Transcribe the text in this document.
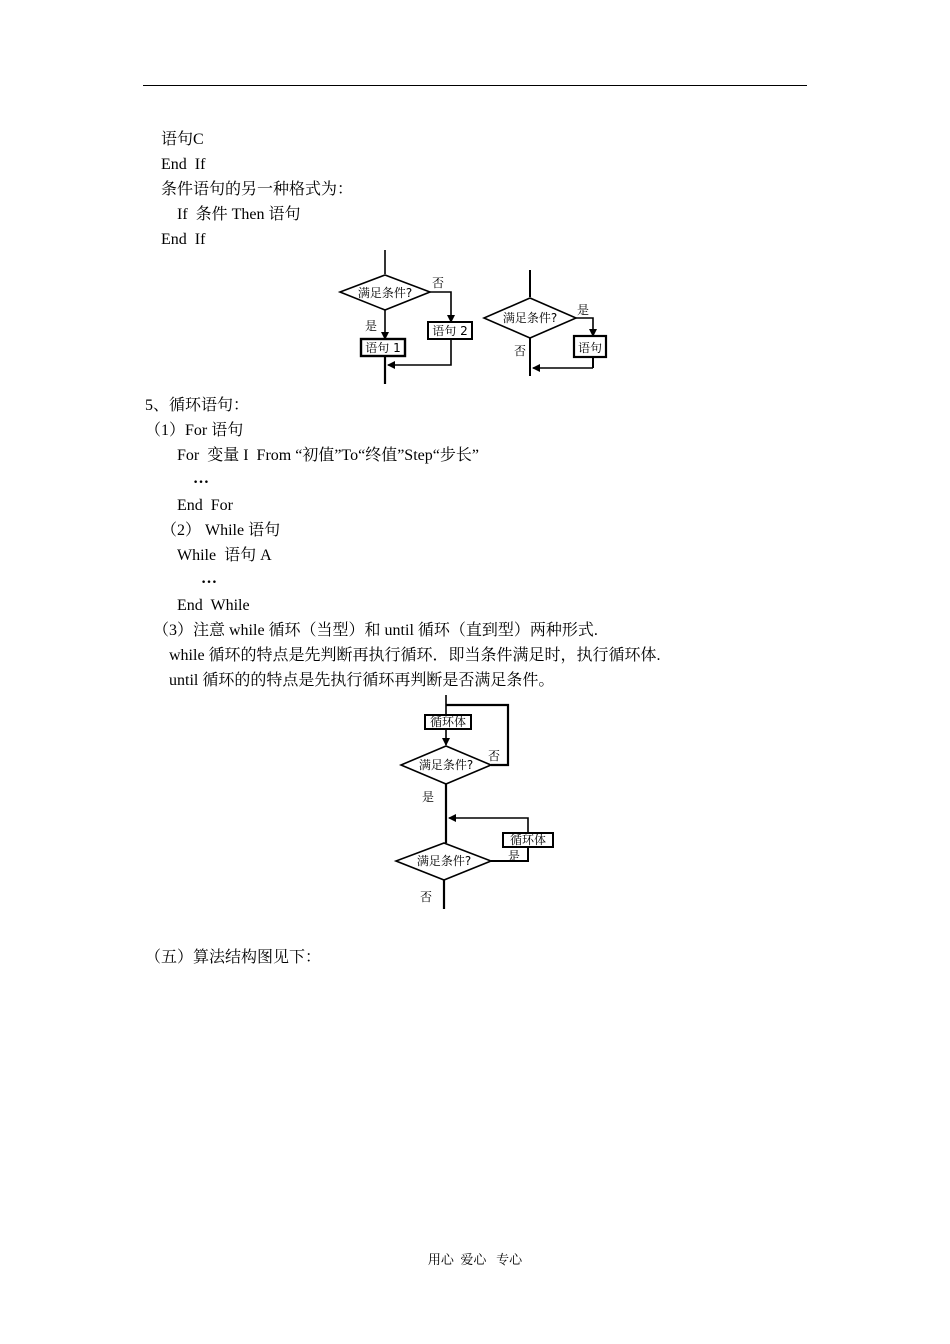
语句C
End  If
条件语句的另一种格式为：
If  条件 Then 语句
End  If
满足条件?
否
是	语句 2
语句 1
满足条件?
是
否	语句
5、循环语句：
（1）For 语句
For  变量 I  From “初值”To“终值”Step“步长”
…
End  For
（2） While 语句
While  语句 A
…
End  While
（3）注意 while 循环（当型）和 until 循环（直到型）两种形式.
while 循环的特点是先判断再执行循环．即当条件满足时，执行循环体.
until 循环的的特点是先执行循环再判断是否满足条件。
循环体
满足条件?
否
是
循环体
是
满足条件?
否
（五）算法结构图见下：
用心  爱心   专心
